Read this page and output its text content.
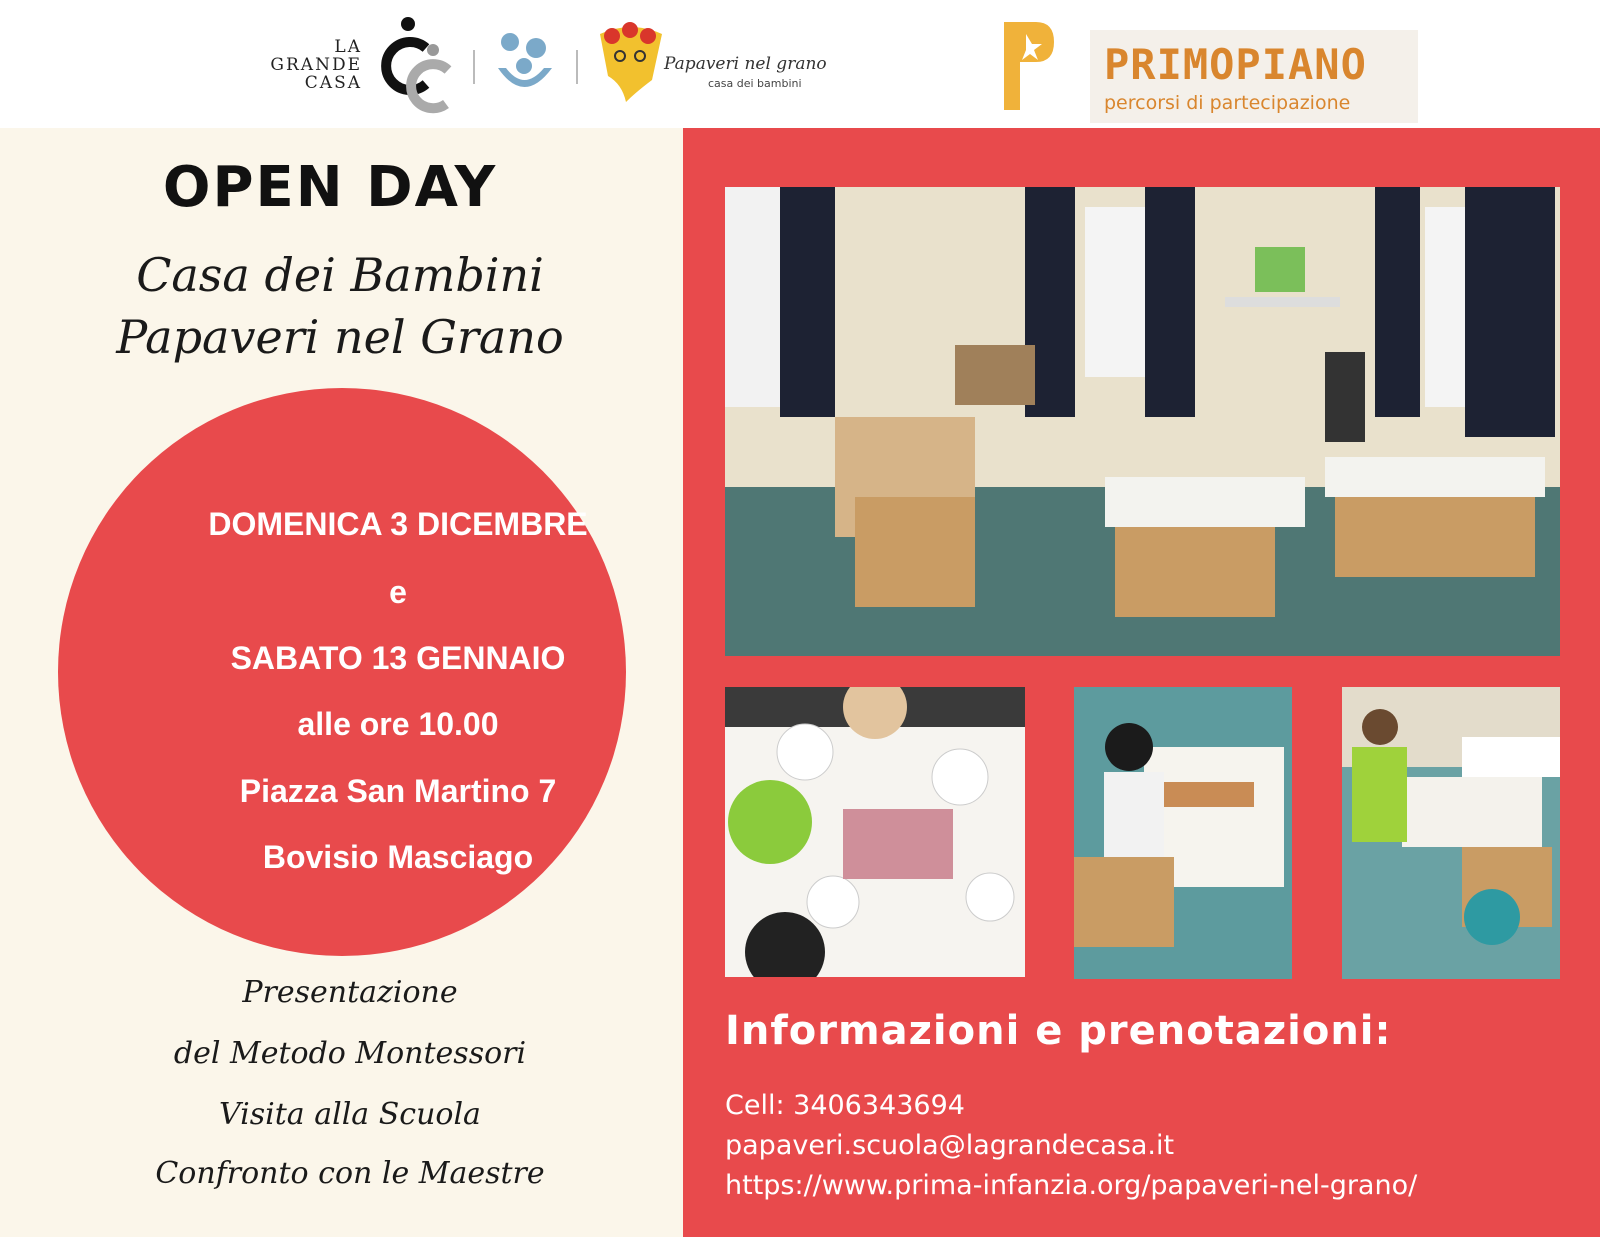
LA
GRANDE
CASA
Papaveri nel grano
casa dei bambini	PRIMOPIANO
percorsi di partecipazione
OPEN DAY
Casa dei Bambini
Papaveri nel Grano
DOMENICA 3 DICEMBRE
e
SABATO 13 GENNAIO
alle ore 10.00
Piazza San Martino 7
Bovisio Masciago
Presentazione
del Metodo Montessori
Visita alla Scuola
Confronto con le Maestre
Informazioni e prenotazioni:
Cell: 3406343694
papaveri.scuola@lagrandecasa.it
https://www.prima-infanzia.org/papaveri-nel-grano/
